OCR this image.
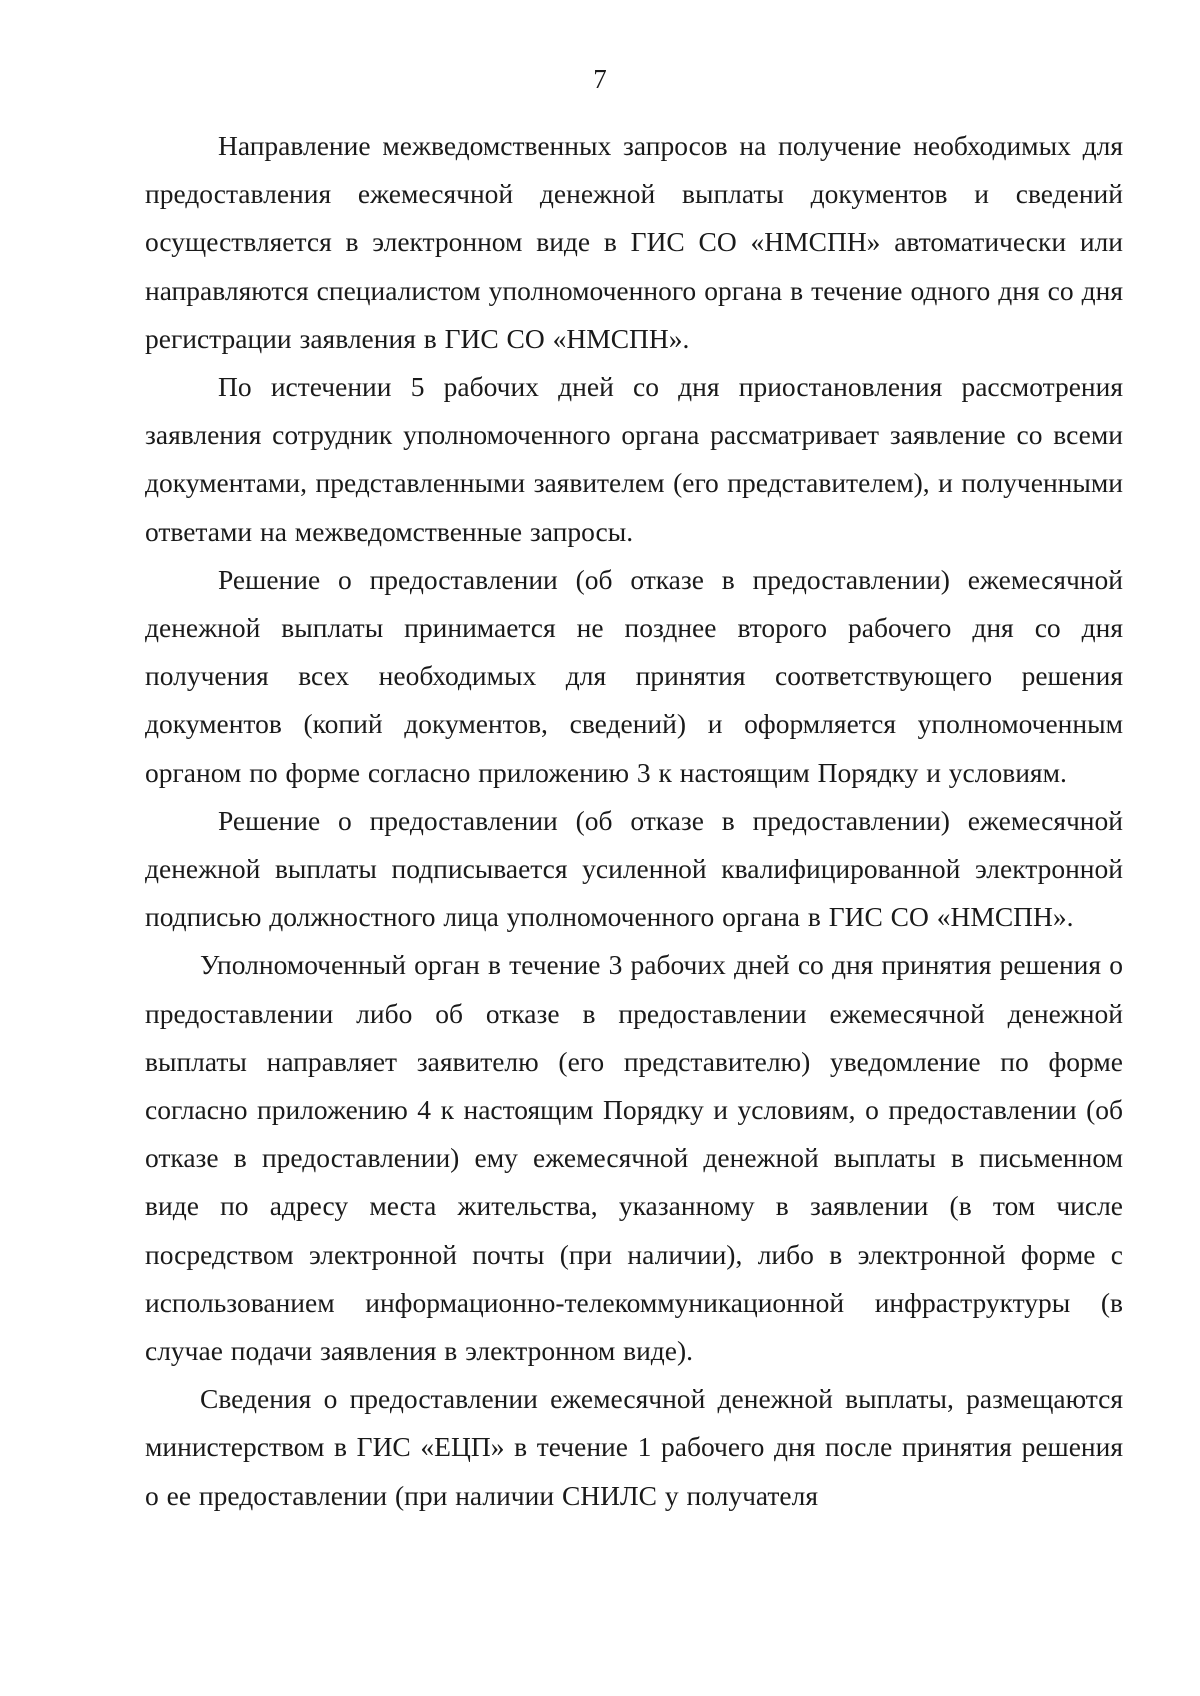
7

Направление межведомственных запросов на получение необходимых для предоставления ежемесячной денежной выплаты документов и сведений осуществляется в электронном виде в ГИС СО «НМСПН» автоматически или направляются специалистом уполномоченного органа в течение одного дня со дня регистрации заявления в ГИС СО «НМСПН».

По истечении 5 рабочих дней со дня приостановления рассмотрения заявления сотрудник уполномоченного органа рассматривает заявление со всеми документами, представленными заявителем (его представителем), и полученными ответами на межведомственные запросы.

Решение о предоставлении (об отказе в предоставлении) ежемесячной денежной выплаты принимается не позднее второго рабочего дня со дня получения всех необходимых для принятия соответствующего решения документов (копий документов, сведений) и оформляется уполномоченным органом по форме согласно приложению 3 к настоящим Порядку и условиям.

Решение о предоставлении (об отказе в предоставлении) ежемесячной денежной выплаты подписывается усиленной квалифицированной электронной подписью должностного лица уполномоченного органа в ГИС СО «НМСПН».

Уполномоченный орган в течение 3 рабочих дней со дня принятия решения о предоставлении либо об отказе в предоставлении ежемесячной денежной выплаты направляет заявителю (его представителю) уведомление по форме согласно приложению 4 к настоящим Порядку и условиям, о предоставлении (об отказе в предоставлении) ему ежемесячной денежной выплаты в письменном виде по адресу места жительства, указанному в заявлении (в том числе посредством электронной почты (при наличии), либо в электронной форме с использованием информационно-телекоммуникационной инфраструктуры (в случае подачи заявления в электронном виде).

Сведения о предоставлении ежемесячной денежной выплаты, размещаются министерством в ГИС «ЕЦП» в течение 1 рабочего дня после принятия решения о ее предоставлении (при наличии СНИЛС у получателя
